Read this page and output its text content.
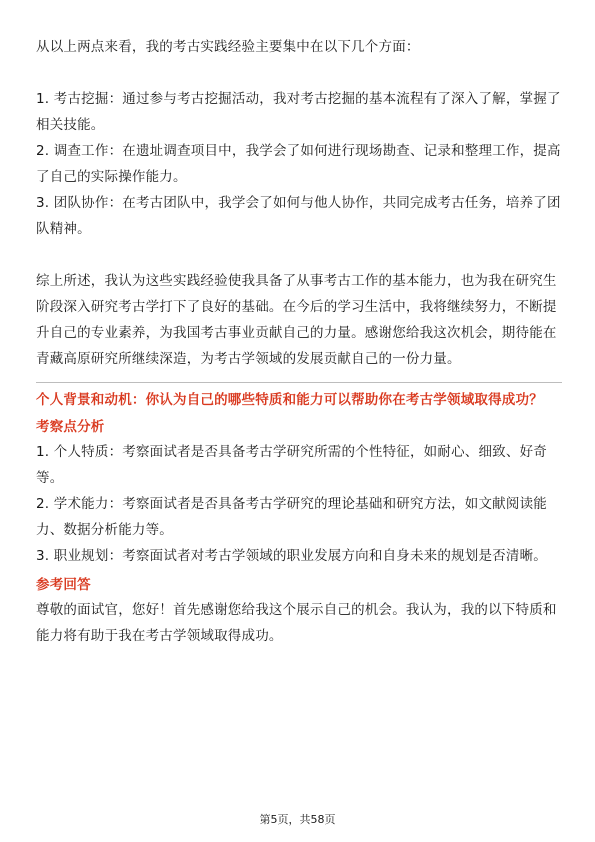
从以上两点来看，我的考古实践经验主要集中在以下几个方面：

1. 考古挖掘：通过参与考古挖掘活动，我对考古挖掘的基本流程有了深入了解，掌握了相关技能。

2. 调查工作：在遗址调查项目中，我学会了如何进行现场勘查、记录和整理工作，提高了自己的实际操作能力。

3. 团队协作：在考古团队中，我学会了如何与他人协作，共同完成考古任务，培养了团队精神。

综上所述，我认为这些实践经验使我具备了从事考古工作的基本能力，也为我在研究生阶段深入研究考古学打下了良好的基础。在今后的学习生活中，我将继续努力，不断提升自己的专业素养，为我国考古事业贡献自己的力量。感谢您给我这次机会，期待能在青藏高原研究所继续深造，为考古学领域的发展贡献自己的一份力量。

个人背景和动机：你认为自己的哪些特质和能力可以帮助你在考古学领域取得成功？

考察点分析

1. 个人特质：考察面试者是否具备考古学研究所需的个性特征，如耐心、细致、好奇等。

2. 学术能力：考察面试者是否具备考古学研究的理论基础和研究方法，如文献阅读能力、数据分析能力等。

3. 职业规划：考察面试者对考古学领域的职业发展方向和自身未来的规划是否清晰。

参考回答

尊敬的面试官，您好！首先感谢您给我这个展示自己的机会。我认为，我的以下特质和能力将有助于我在考古学领域取得成功。

第5页，共58页
